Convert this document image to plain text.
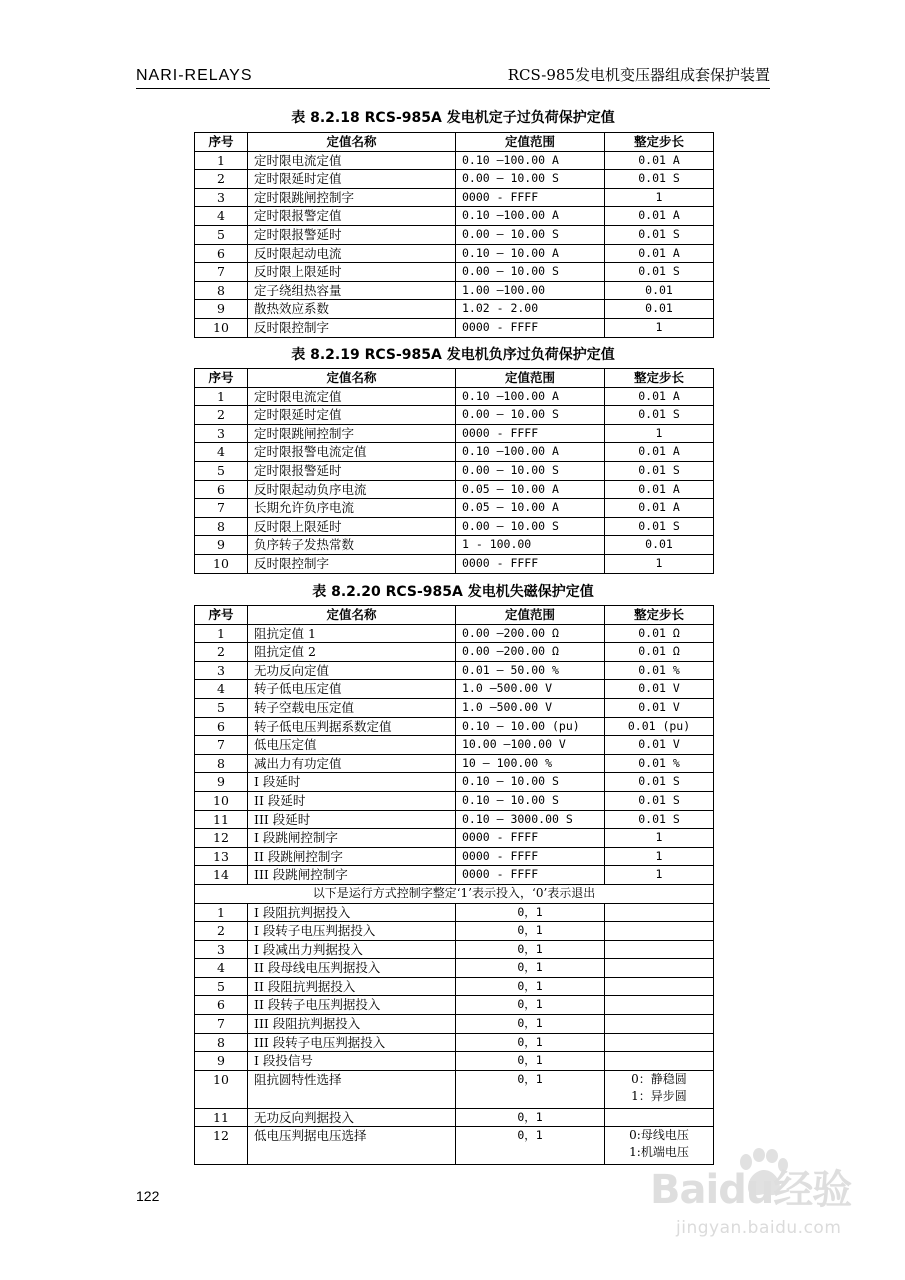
NARI-RELAYS	RCS-985发电机变压器组成套保护装置
表 8.2.18 RCS-985A 发电机定子过负荷保护定值
序号	定值名称	定值范围	整定步长
1	定时限电流定值	0.10 –100.00 A	0.01 A
2	定时限延时定值	0.00 – 10.00 S	0.01 S
3	定时限跳闸控制字	0000 - FFFF	1
4	定时限报警定值	0.10 –100.00 A	0.01 A
5	定时限报警延时	0.00 – 10.00 S	0.01 S
6	反时限起动电流	0.10 – 10.00 A	0.01 A
7	反时限上限延时	0.00 – 10.00 S	0.01 S
8	定子绕组热容量	1.00 –100.00	0.01
9	散热效应系数	1.02 - 2.00	0.01
10	反时限控制字	0000 - FFFF	1
表 8.2.19 RCS-985A 发电机负序过负荷保护定值
序号	定值名称	定值范围	整定步长
1	定时限电流定值	0.10 –100.00 A	0.01 A
2	定时限延时定值	0.00 – 10.00 S	0.01 S
3	定时限跳闸控制字	0000 - FFFF	1
4	定时限报警电流定值	0.10 –100.00 A	0.01 A
5	定时限报警延时	0.00 – 10.00 S	0.01 S
6	反时限起动负序电流	0.05 – 10.00 A	0.01 A
7	长期允许负序电流	0.05 – 10.00 A	0.01 A
8	反时限上限延时	0.00 – 10.00 S	0.01 S
9	负序转子发热常数	1 - 100.00	0.01
10	反时限控制字	0000 - FFFF	1
表 8.2.20 RCS-985A 发电机失磁保护定值
序号	定值名称	定值范围	整定步长
1	阻抗定值 1	0.00 –200.00 Ω	0.01 Ω
2	阻抗定值 2	0.00 –200.00 Ω	0.01 Ω
3	无功反向定值	0.01 – 50.00 %	0.01 %
4	转子低电压定值	1.0 –500.00 V	0.01 V
5	转子空载电压定值	1.0 –500.00 V	0.01 V
6	转子低电压判据系数定值	0.10 – 10.00 (pu)	0.01 (pu)
7	低电压定值	10.00 –100.00 V	0.01 V
8	减出力有功定值	10 – 100.00 %	0.01 %
9	I 段延时	0.10 – 10.00 S	0.01 S
10	II 段延时	0.10 – 10.00 S	0.01 S
11	III 段延时	0.10 – 3000.00 S	0.01 S
12	I 段跳闸控制字	0000 - FFFF	1
13	II 段跳闸控制字	0000 - FFFF	1
14	III 段跳闸控制字	0000 - FFFF	1
以下是运行方式控制字整定‘1’表示投入，‘0’表示退出			
1	I 段阻抗判据投入	0，1	
2	I 段转子电压判据投入	0，1	
3	I 段减出力判据投入	0，1	
4	II 段母线电压判据投入	0，1	
5	II 段阻抗判据投入	0，1	
6	II 段转子电压判据投入	0，1	
7	III 段阻抗判据投入	0，1	
8	III 段转子电压判据投入	0，1	
9	I 段投信号	0，1	
10	阻抗圆特性选择	0，1	0：静稳圆
1：异步圆

11	无功反向判据投入	0，1	
12	低电压判据电压选择	0，1	0:母线电压
1:机端电压
122	Baidu经验
jingyan.baidu.com
